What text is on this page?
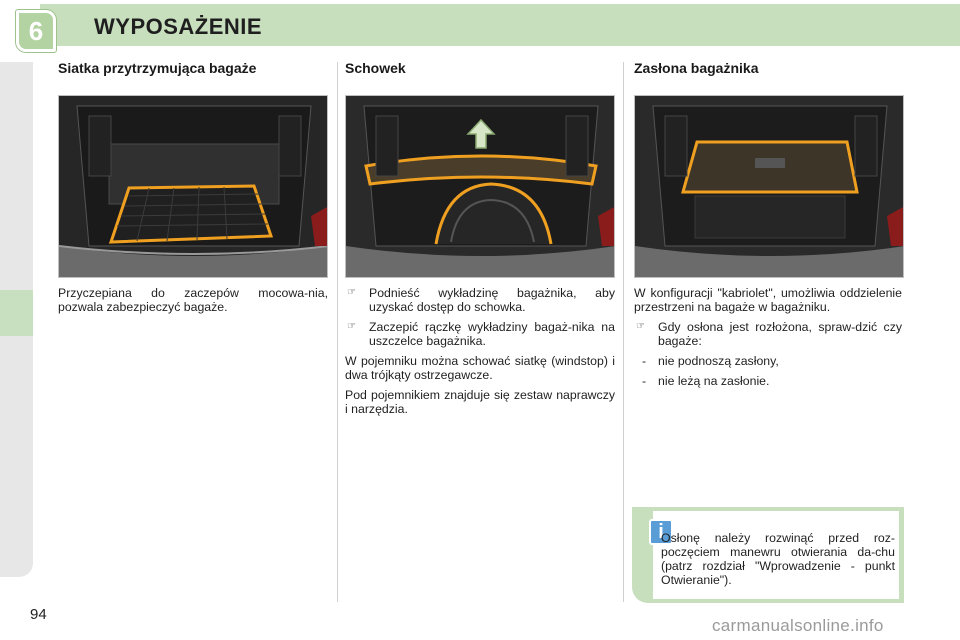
6	WYPOSAŻENIE
Siatka przytrzymująca bagaże

Przyczepiana do zaczepów mocowa-nia, pozwala zabezpieczyć bagaże.

Schowek
☞	Podnieść wykładzinę bagażnika, aby uzyskać dostęp do schowka.
☞	Zaczepić rączkę wykładziny bagaż-nika na uszczelce bagażnika.

W pojemniku można schować siatkę (windstop) i dwa trójkąty ostrzegawcze.

Pod pojemnikiem znajduje się zestaw naprawczy i narzędzia.

Zasłona bagażnika

W konfiguracji "kabriolet", umożliwia oddzielenie przestrzeni na bagaże w bagażniku.

☞	Gdy osłona jest rozłożona, spraw-dzić czy bagaże:
- nie podnoszą zasłony,
- nie leżą na zasłonie.
i
Osłonę należy rozwinąć przed roz-poczęciem manewru otwierania da-chu (patrz rozdział "Wprowadzenie - punkt Otwieranie").
94
carmanualsonline.info
